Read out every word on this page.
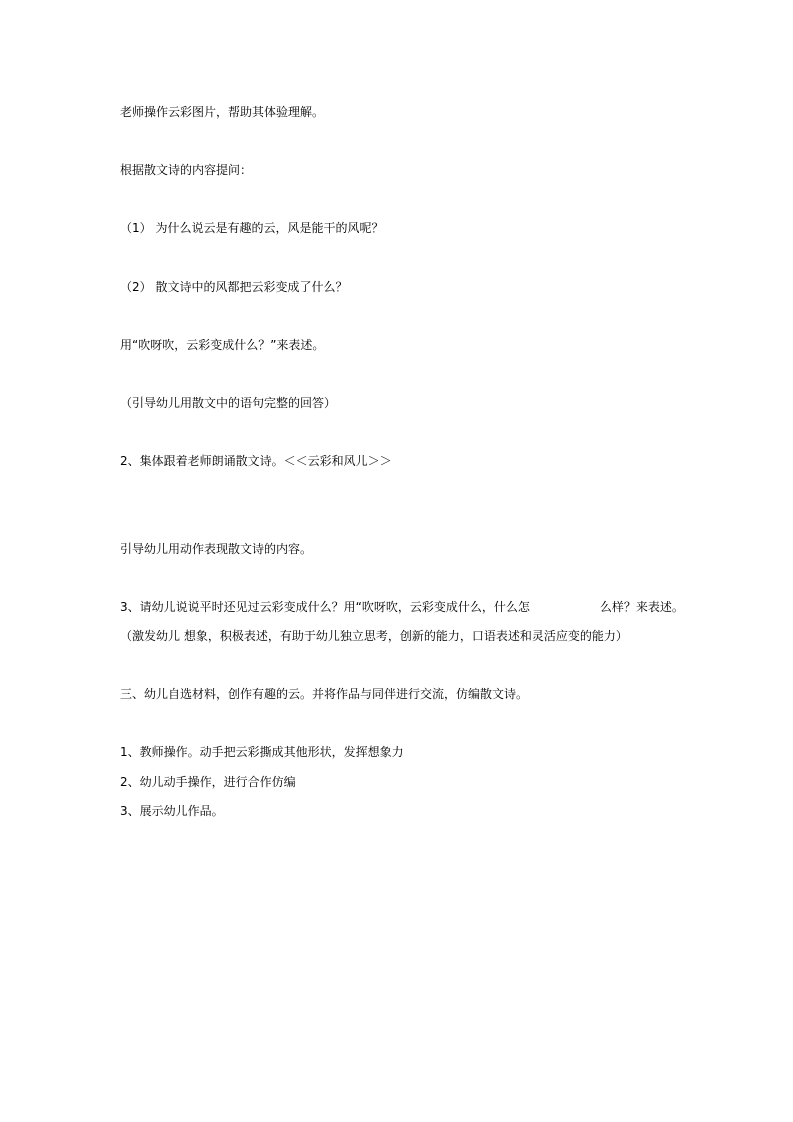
老师操作云彩图片，帮助其体验理解。
根据散文诗的内容提问：
（1） 为什么说云是有趣的云，风是能干的风呢？
（2） 散文诗中的风都把云彩变成了什么？
用“吹呀吹，云彩变成什么？”来表述。
（引导幼儿用散文中的语句完整的回答）
2、集体跟着老师朗诵散文诗。＜＜云彩和风儿＞＞
引导幼儿用动作表现散文诗的内容。
3、请幼儿说说平时还见过云彩变成什么？用“吹呀吹，云彩变成什么，什么怎	么样？来表述。
（激发幼儿 想象，积极表述，有助于幼儿独立思考，创新的能力，口语表述和灵活应变的能力）
三、幼儿自选材料，创作有趣的云。并将作品与同伴进行交流，仿编散文诗。
1、教师操作。动手把云彩撕成其他形状，发挥想象力
2、幼儿动手操作，进行合作仿编
3、展示幼儿作品。
